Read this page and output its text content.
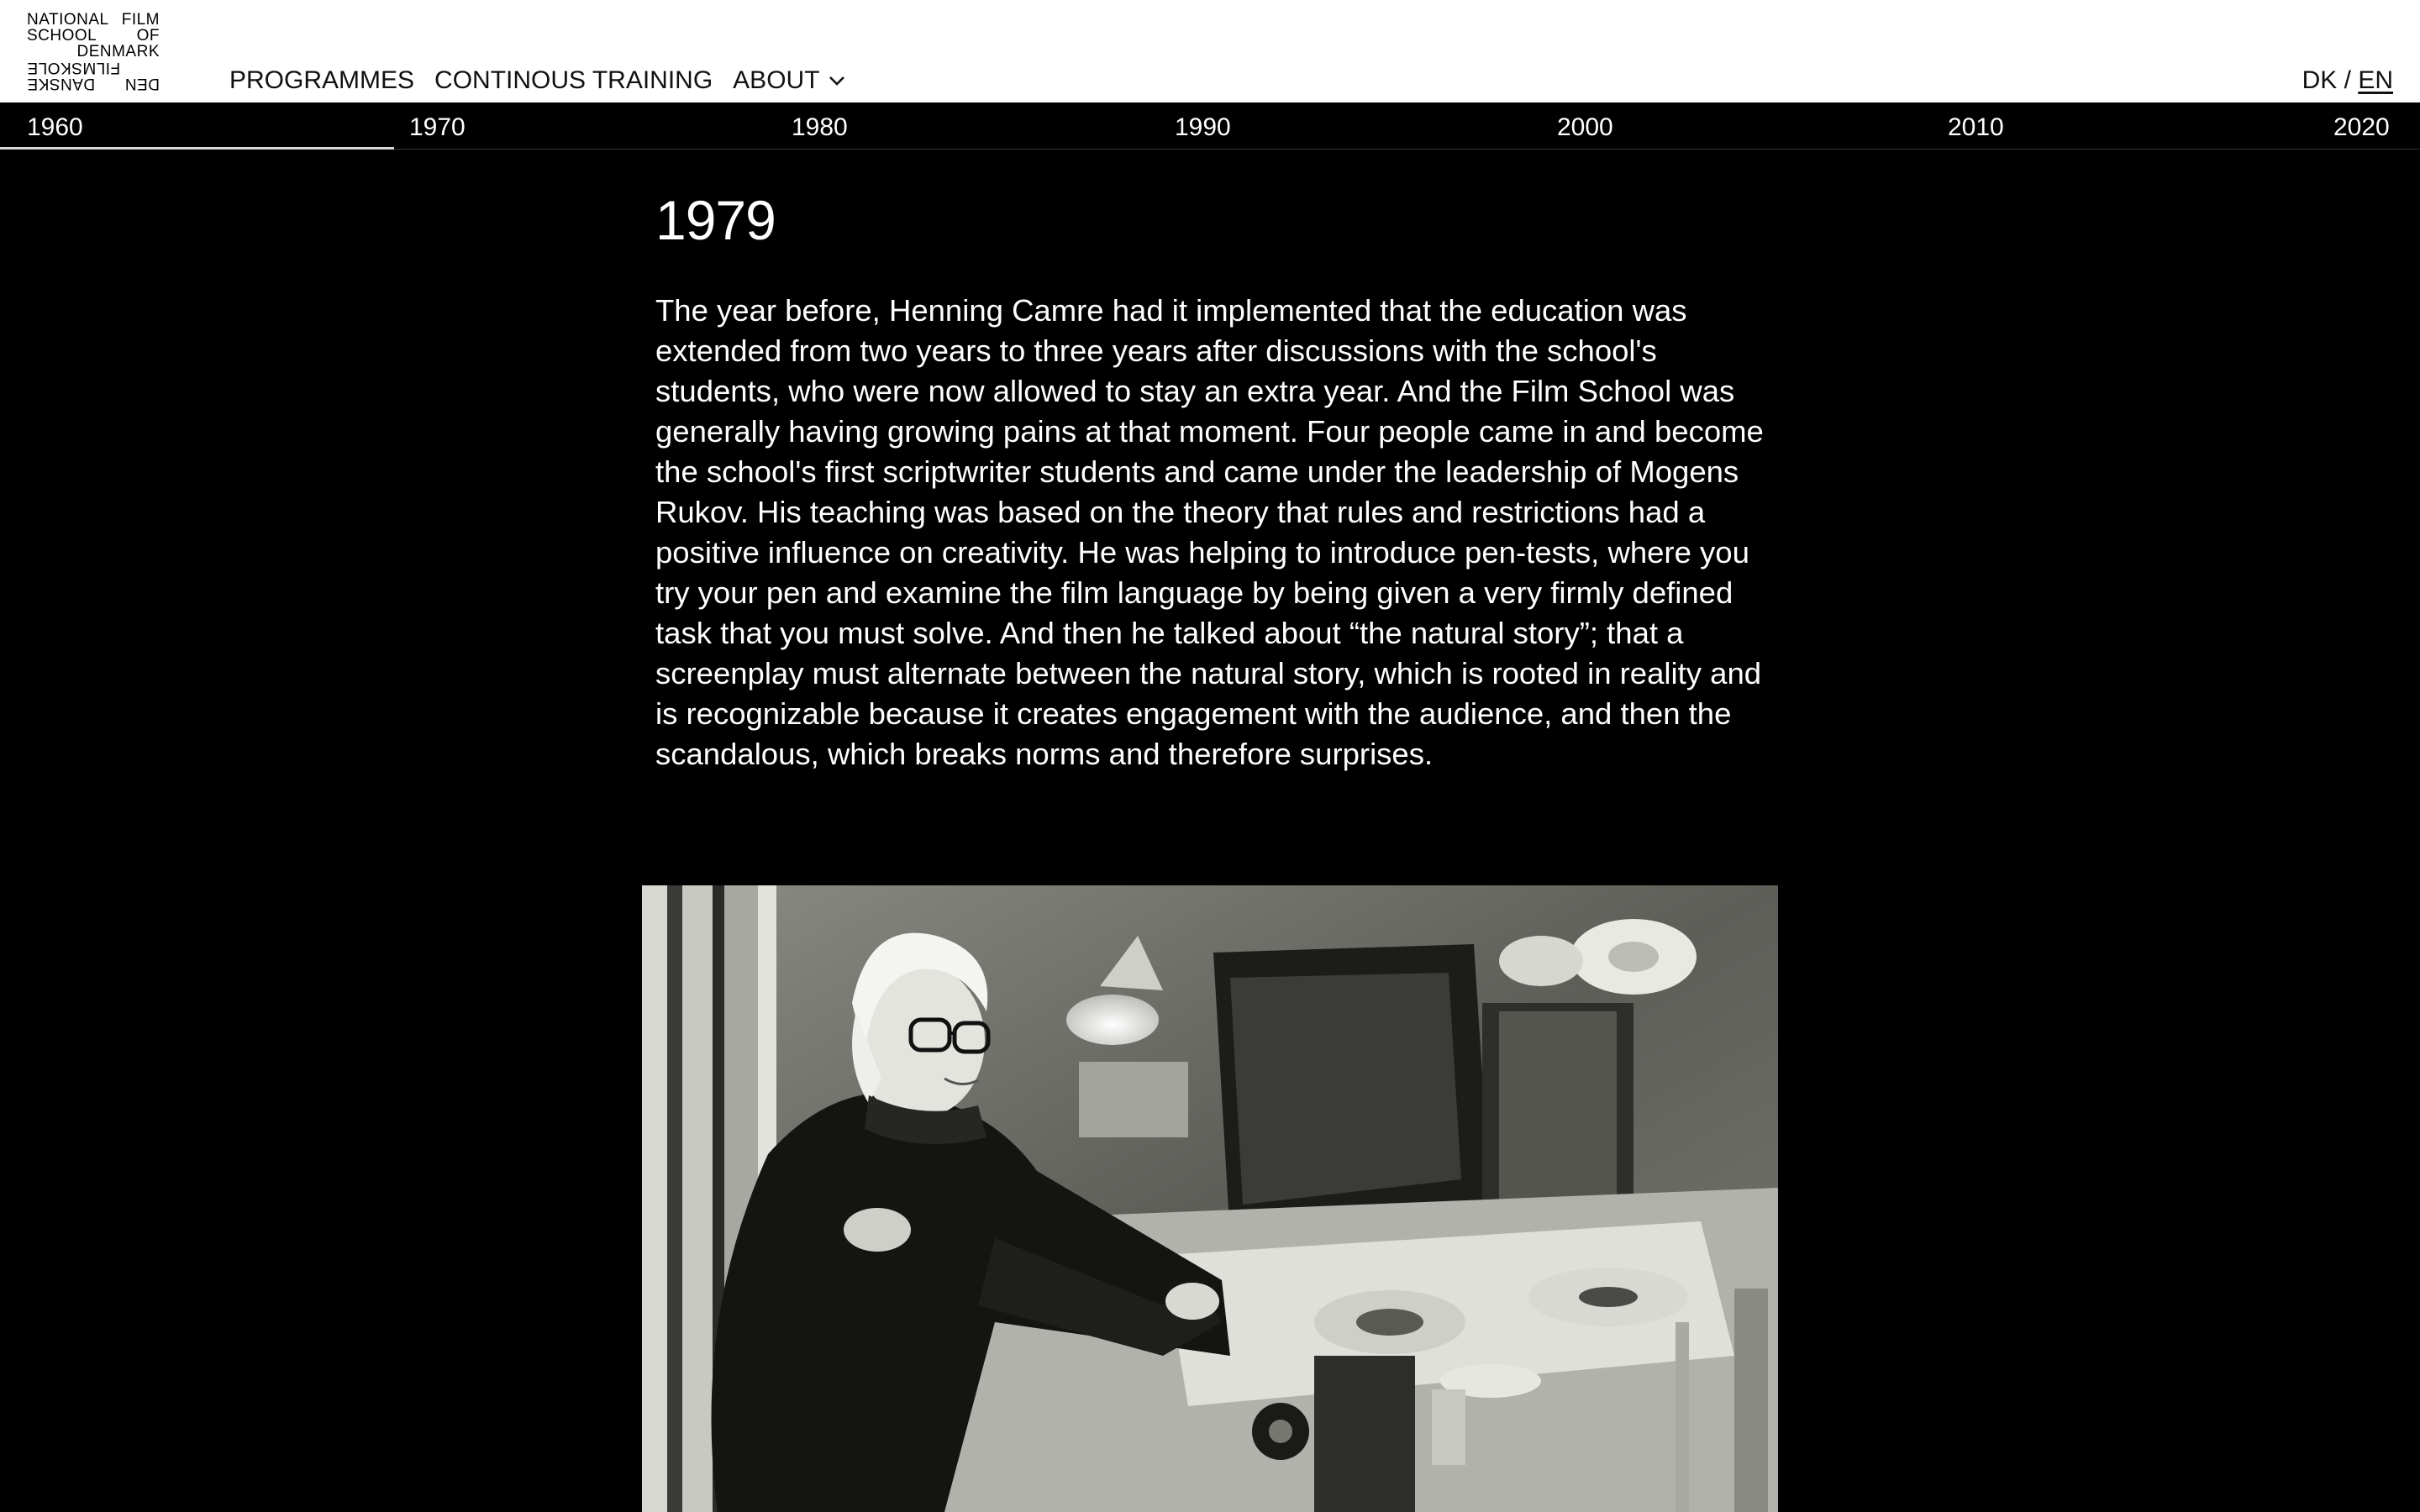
NATIONAL FILM
SCHOOL OF
DENMARK
DEN
DANSKE
FILMSKOLE	PROGRAMMES CONTINOUS TRAINING ABOUT	DK / EN
1960	1970	1980	1990	2000	2010	2020
1979

The year before, Henning Camre had it implemented that the education was extended from two years to three years after discussions with the school's students, who were now allowed to stay an extra year. And the Film School was generally having growing pains at that moment. Four people came in and become the school's first scriptwriter students and came under the leadership of Mogens Rukov. His teaching was based on the theory that rules and restrictions had a positive influence on creativity. He was helping to introduce pen-tests, where you try your pen and examine the film language by being given a very firmly defined task that you must solve. And then he talked about “the natural story”; that a screenplay must alternate between the natural story, which is rooted in reality and is recognizable because it creates engagement with the audience, and then the scandalous, which breaks norms and therefore surprises.
